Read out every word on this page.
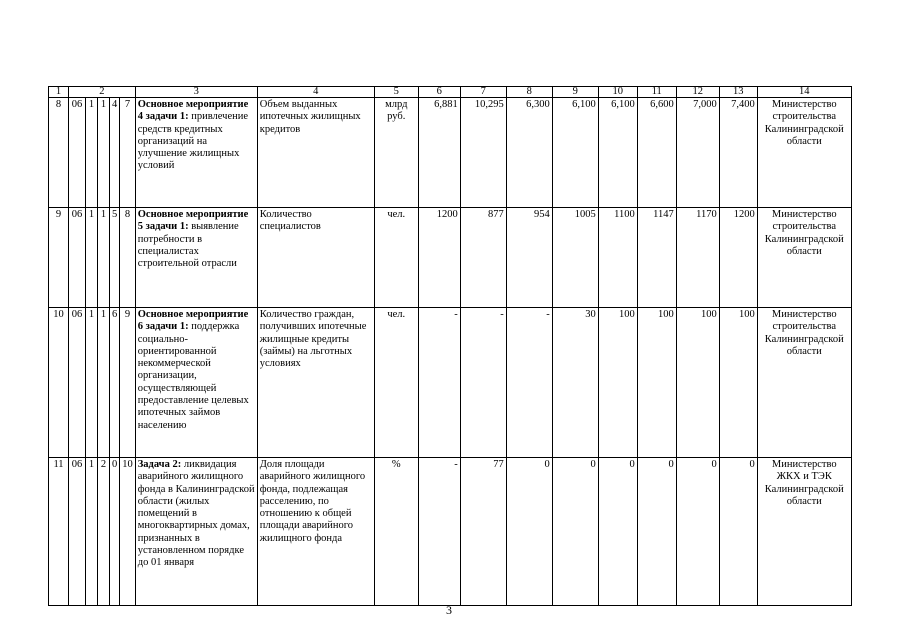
1	2					3	4	5	6	7	8	9	10	11	12	13	14
8	06	1	1	4	7	Основное мероприятие 4 задачи 1: привлечение средств кредитных организаций на улучшение жилищных условий	Объем выданных ипотечных жилищных кредитов	млрд руб.	6,881	10,295	6,300	6,100	6,100	6,600	7,000	7,400	Министерство строительства Калининградской области
9	06	1	1	5	8	Основное мероприятие 5 задачи 1: выявление потребности в специалистах строительной отрасли	Количество специалистов	чел.	1200	877	954	1005	1100	1147	1170	1200	Министерство строительства Калининградской области
10	06	1	1	6	9	Основное мероприятие 6 задачи 1: поддержка социально-ориентированной некоммерческой организации, осуществляющей предоставление целевых ипотечных займов населению	Количество граждан, получивших ипотечные жилищные кредиты (займы) на льготных условиях	чел.	-	-	-	30	100	100	100	100	Министерство строительства Калининградской области
11	06	1	2	0	10	Задача 2: ликвидация аварийного жилищного фонда в Калининградской области (жилых помещений в многоквартирных домах, признанных в установленном порядке до 01 января	Доля площади аварийного жилищного фонда, подлежащая расселению, по отношению к общей площади аварийного жилищного фонда	%	-	77	0	0	0	0	0	0	Министерство ЖКХ и ТЭК Калининградской области
3
